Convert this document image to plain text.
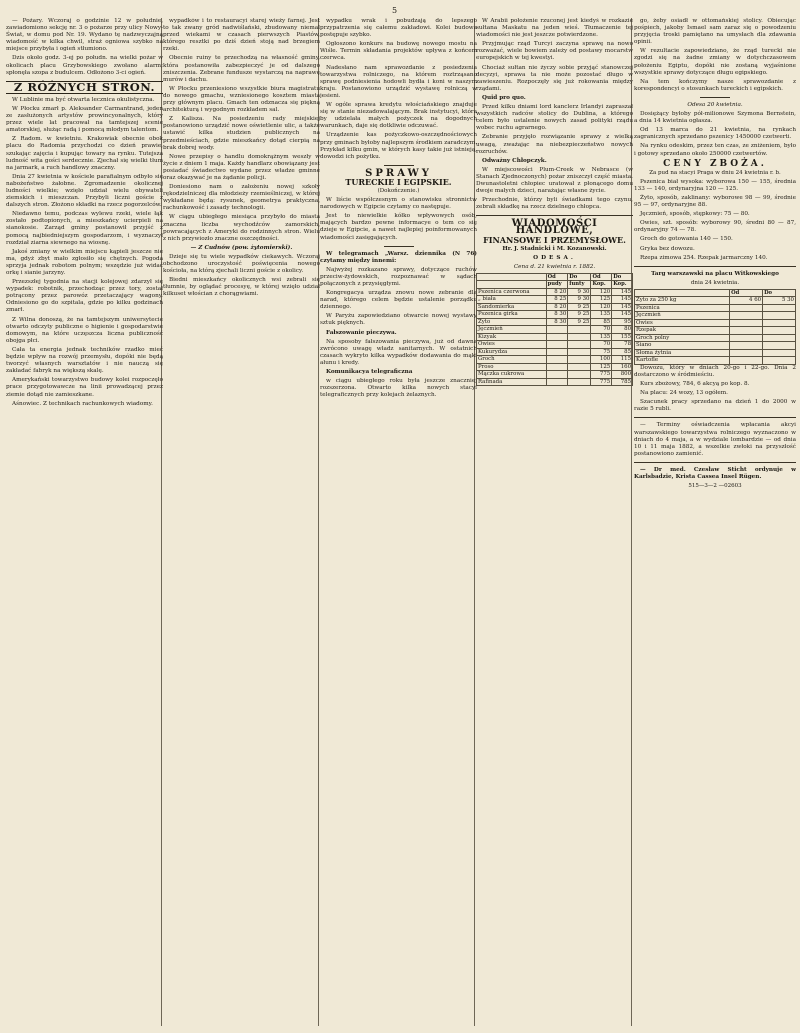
5

— Pożary. Wczoraj o godzinie 12 w południe, zawiadomiono sekcję nr. 3 o pożarze przy ulicy Nowy-Świat, w domu pod Nr. 19. Wydano tę nadzwyczajną wiadomość w kilka chwil, straż ogniowa szybko na miejsce przybyła i ogień stłumiono.

Dzis około godz. 3-ej po połudn. na wielki pożar w okolicach placu Grzybowskiego zwołano alarm; spłonęła szopa z budulcem. Odłożono 3-ci ogień.

Z RÓŻNYCH STRON.

W Lublinie ma być otwarta lecznica okulistyczna.

W Płocku zmarł p. Aleksander Carmantrand, jeden ze zasłużonych artystów prowincyonalnych, który przez wiele lat pracował na tamtejszej scenie amatorskiej, służąc radą i pomocą młodym talentom.

Z Radom. w kwietniu. Krakowiak obecnie obok placu do Radomia przychodzi co dzień prawie, szukając zajęcia i kupując towary na rynku. Tutejsza ludność wita gości serdecznie. Zjechał się wielki tłum na jarmark, a ruch handlowy znaczny.

Dnia 27 kwietnia w kościele parafialnym odbyło się nabożeństwo żałobne. Zgromadzenie okolicznej ludności wielkie; wzięło udział wielu obywateli ziemskich i mieszczan. Przybyli liczni goście z dalszych stron. Złożono składki na rzecz pogorzelców.

Niedawno temu, podczas wylewu rzeki, wiele łąk zostało podtopionych, a mieszkańcy ucierpieli na sianokosie. Zarząd gminy postanowił przyjść z pomocą najbiedniejszym gospodarzom, i wyznaczył rozdział ziarna siewnego na wiosnę.

Jakoś zmiany w wielkim miejscu kąpieli jeszcze nie ma, gdyż zbyt mało zgłosiło się chętnych. Pogoda sprzyja jednak robotom polnym; wszędzie już widać orkę i sianie jarzyny.

Przezszłej tygodnia na stacji kolejowej zdarzył się wypadek: robotnik, przechodząc przez tory, został potrącony przez parowóz przetaczający wagony. Odniesiono go do szpitala, gdzie po kilku godzinach zmarł.

Z Wilna donoszą, że na tamtejszym uniwersytecie otwarto odczyty publiczne o higienie i gospodarstwie domowym, na które uczęszcza liczna publiczność obojga płci.

Cała ta energia jednak techników rzadko mieć będzie wpływ na rozwój przemysłu, dopóki nie będą tworzyć własnych warsztatów i nie nauczą się zakładać fabryk na większą skalę.

Amerykański towarzystwo budowy kolei rozpoczęło prace przygotowawcze na linii prowadzącej przez ziemie dotąd nie zamieszkane.

Aśnowiec. Z technikach rachunkowych wiadomy.

wypadków i to restauracyi starej wieży farnej. Jest to tak zwany gród nadwiślański, zbudowany niemal przed wiekami w czasach pierwszych Piastów, którego resztki po dziś dzień stoją nad brzegiem rzeki.

Obecnie ruiny te przechodzą na własność gminy, która postanowiła zabezpieczyć je od dalszego zniszczenia. Zebrane fundusze wystarczą na naprawę murów i dachu.

W Płocku przeniesiono wszystkie biura magistratu do nowego gmachu, wzniesionego kosztem miasta przy głównym placu. Gmach ten odznacza się piękną architekturą i wygodnym rozkładem sal.

Z Kalisza. Na posiedzeniu rady miejskiej postanowiono urządzić nowe oświetlenie ulic, a także ustawić kilka studzien publicznych na przedmieściach, gdzie mieszkańcy dotąd cierpią na brak dobrej wody.

Nowe przepisy o handlu domokrążnym weszły w życie z dniem 1 maja. Każdy handlarz obowiązany jest posiadać świadectwo wydane przez władze gminne oraz okazywać je na żądanie policji.

Doniesiono nam o założeniu nowej szkoły rękodzielniczej dla młodzieży rzemieślniczej, w której wykładane będą: rysunek, geometrya praktyczna, rachunkowość i zasady technologii.

W ciągu ubiegłego miesiąca przybyło do miasta znaczna liczba wychodźców zamorskich, powracających z Ameryki do rodzinnych stron. Wielu z nich przywiozło znaczne oszczędności.

— Z Cudnów (pow. żytomierski).

Dzieje się tu wiele wypadków ciekawych. Wczoraj obchodzono uroczystość poświęcenia nowego kościoła, na którą zjechali liczni goście z okolicy.

Biedni mieszkańcy okolicznych wsi zebrali się tłumnie, by oglądać procesyę, w której wzięło udział kilkuset włościan z chorągwiami.

wypadku wrak i pobudzają do lepszego przypatrzenia się całemu zakładowi. Kolei budowa postępuje szybko.

Ogłoszono konkurs na budowę nowego mostu na Wiśle. Termin składania projektów upływa z końcem czerwca.

Nadesłano nam sprawozdanie z posiedzenia towarzystwa rolniczego, na którem roztrząsano sprawę podniesienia hodowli bydła i koni w naszym kraju. Postanowiono urządzić wystawę rolniczą w jesieni.

W ogóle sprawa kredytu włościańskiego znajduje się w stanie niezadowalającym. Brak instytucyi, która by udzielała małych pożyczek na dogodnych warunkach, daje się dotkliwie odczuwać.

Urządzenie kas pożyczkowo-oszczędnościowych przy gminach byłoby najlepszym środkiem zaradczym. Przykład kilku gmin, w których kasy takie już istnieją, dowodzi ich pożytku.

SPRAWY
TURECKIE I EGIPSKIE.

(Dokończenie.)

W liście współczesnym o stanowisku stronnictw narodowych w Egipcie czytamy co następuje.

Jest to niewielkie kółko wpływowych osób, mających bardzo pewne informacye o tem co się dzieje w Egipcie, a nawet najlepiej poinformowanych wiadomości zasięgających.

W telegramach „Warsz. dziennika (N 76) czytamy między innemi:

Najwyżej rozkazano sprawy, dotyczące ruchów przeciw-żydowskich, rozpoznawać w sądach połączonych z przysięgłymi.

Kongregacya urządza znowu nowe zebranie dla narad, którego celem będzie ustalenie porządku dziennego.

W Paryżu zapowiedziano otwarcie nowej wystawy sztuk pięknych.

Fałszowanie pieczywa.

Na sposoby fałszowania pieczywa, już od dawna zwrócono uwagę władz sanitarnych. W ostatnich czasach wykryto kilka wypadków dodawania do mąki ałunu i kredy.

Komunikacya telegraficzna

w ciągu ubiegłego roku była jeszcze znaczniej rozszerzona. Otwarto kilka nowych stacyi telegraficznych przy kolejach żelaznych.

W Arabii położenie rzuconej jest kiedyś w rozkazie sułtana Maskatu na jeden wieś. Tłumaczenie tej wiadomości nie jest jeszcze potwierdzone.

Przyjmując rząd Turcyi zaczyna sprawę na nowo rozważać, wiele bowiem zależy od postawy mocarstw europejskich w tej kwestyi.

Chociaż sułtan nie życzy sobie przyjąć stanowczej decyzyi, sprawa ta nie może pozostać długo w zawieszeniu. Rozpoczęły się już rokowania między rządami.

Quid pro quo.

Przed kilku dniami lord kanclerz Irlandyi zapraszał wszystkich radców stolicy do Dublina, a którego celem było ustalenie nowych zasad polityki rządu wobec ruchu agrarnego.

Zebranie przyjęło rozwiązanie sprawy z wielką uwagą, zważając na niebezpieczeństwo nowych rozruchów.

Odważny Chłopczyk.

W miejscowości Plum-Creek w Nebrasce (w Stanach Zjednoczonych) pożar zniszczył część miasta. Dwunastoletni chłopiec uratował z płonącego domu dwoje małych dzieci, narażając własne życie.

Przechodnie, którzy byli świadkami tego czynu, zebrali składkę na rzecz dzielnego chłopca.

WIADOMOŚCI HANDLOWE,
FINANSOWE I PRZEMYSŁOWE.

Hr. J. Stadnicki i M. Kozanowski.

ODESA.

Cena d. 21 kwietnia r. 1882.

	Od	Do	Od	Do
	pudy	funty	Kop.	Kop.
Pszenica czerwona	8 20	9 30	120	145
„ biała	8 25	9 30	125	145
Sandomierka	8 20	9 25	120	145
Pszenica girka	8 30	9 25	135	145
Żyto	8 30	9 25	85	95
Jęczmień			70	80
Kizyak			135	155
Owies			70	78
Kukurydza			75	85
Groch			100	115
Proso			125	160
Mączka cukrowa			775	800
Rafinada			775	785

go, żeby osiadł w ottomańskiej stolicy. Obiecując pośpiech, jakoby Ismael sam zaraz się o powodzeniu przyjęcia troski pamiętano na umysłach dla zdawania opinii.

W rezultacie zapowiedziano, że rząd turecki nie zgodzi się na żadne zmiany w dotychczasowem położeniu Egiptu, dopóki nie zostaną wyjaśnione wszystkie sprawy dotyczące długu egipskiego.

Na tem kończymy nasze sprawozdanie z korespondencyi o stosunkach tureckich i egipskich.

Odesa 20 kwietnia.

Dosiężący byłoby pół-milionowe Szymona Bernstein, a dnia 14 kwietnia ogłasza.

Od 13 marca do 21 kwietnia, na rynkach zagranicznych sprzedano pszenicy 1450000 czetwerti.

Na rynku odeskim, przez ten czas, ze zniżeniem, było i gotowy sprzedano około 250000 czetwertów.

CENY ZBOŻA.

Za pud na stacyi Praga w dniu 24 kwietnia r. b.

Pszenica biał wysoka: wyborowa 150 — 155, średnia 133 — 140, ordynaryjna 120 — 125.

Żyto, sposób, zaklinany: wyborowe 98 — 99, średnie 95 — 97, ordynaryjne 88.

Jęczmień, sposób, stępkowy: 75 — 80.

Owies, szt. sposób: wyborowy 90, średni 80 — 87, ordynaryjny 74 — 78.

Groch do gotowania 140 — 150.

Gryka bez dowozu.

Rzepa zimowa 254. Rzepak jarmarczny 140.

Targ warszawski na placu Witkowskiego

dnia 24 kwietnia.

	Od	Do
Żyto za 250 kg	4 60	5 30
Pszenica		
Jęczmień		
Owies		
Rzepak		
Groch polny		
Siano		
Słoma żytnia		
Kartofle		

Dowozu, który w dniach 20-go i 22-go. Dnia 2 dostarczono w śródmieściu.

Kurs zbożowy, 784, 6 akcyą po kop. 8.

Na placu: 24 wozy, 13 ogółem.

Szacunek pracy sprzedano na dzień 1 do 2000 w razie 5 rubli.

— Terminy oświadczenia wpłacania akcyi warszawskiego towarzystwa rolniczego wyznaczono w dniach do 4 maja, a w wydziale lombardzie — od dnia 10 i 11 maja 1882, a wszelkie zwłoki na przyszłość postanowiono zamienić.

— Dr med. Czesław Sticht ordynuje w Karlsbadzie, Krista Cassea Insel Rügen.

515—3—2 —02603
